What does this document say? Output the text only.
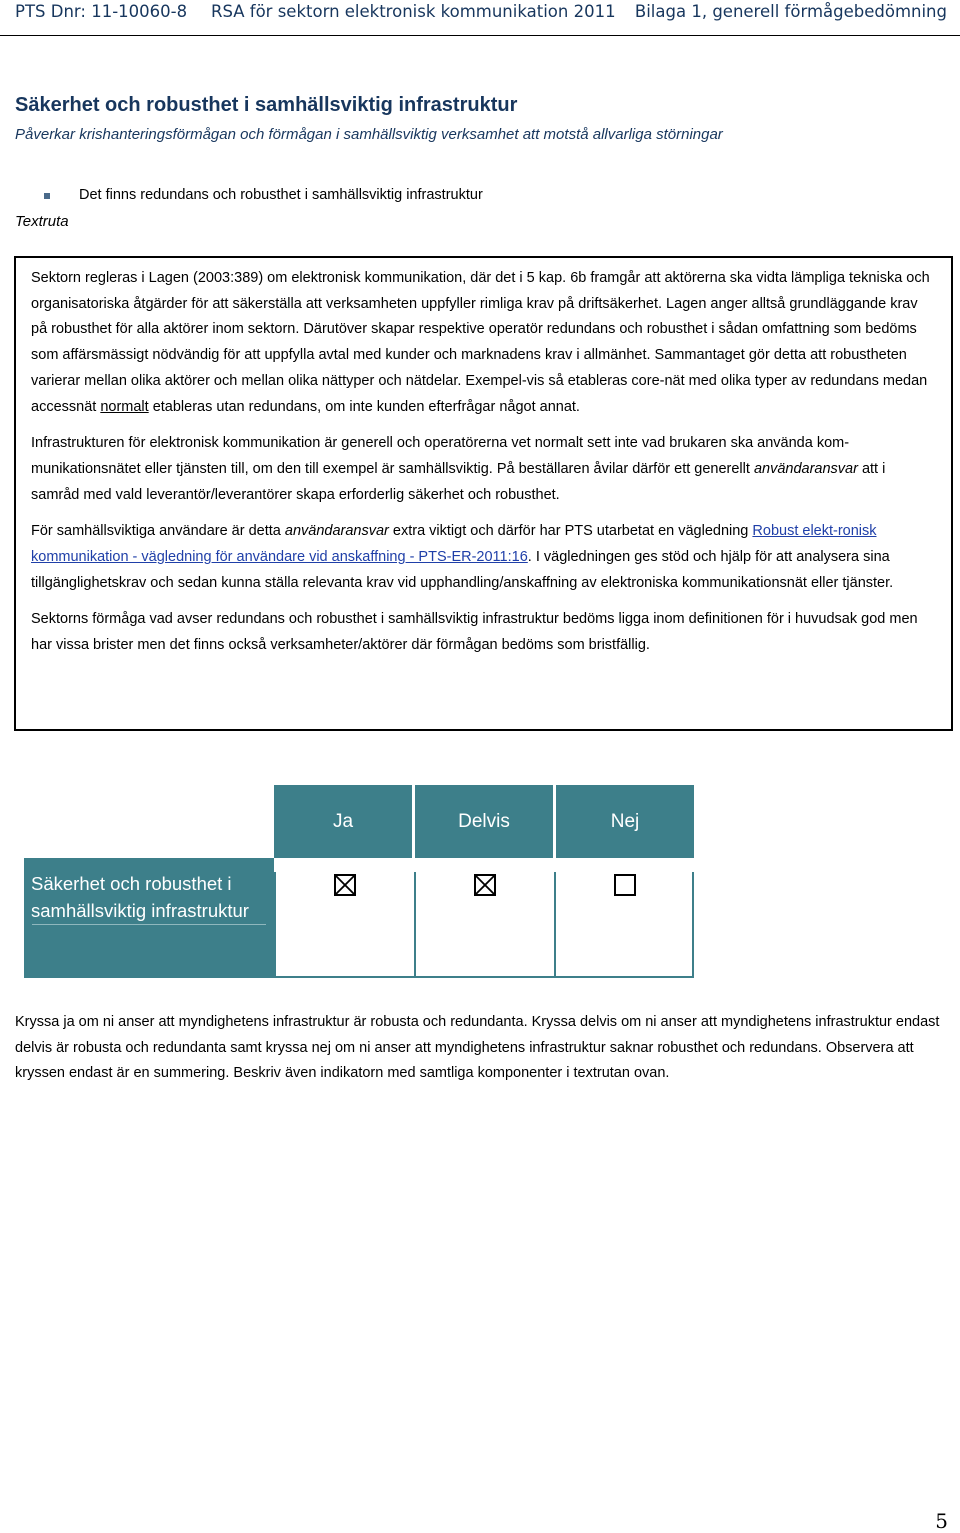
PTS Dnr: 11-10060-8 RSA för sektorn elektronisk kommunikation 2011 Bilaga 1, generell förmågebedömning
Säkerhet och robusthet i samhällsviktig infrastruktur
Påverkar krishanteringsförmågan och förmågan i samhällsviktig verksamhet att motstå allvarliga störningar
Det finns redundans och robusthet i samhällsviktig infrastruktur
Textruta

Sektorn regleras i Lagen (2003:389) om elektronisk kommunikation, där det i 5 kap. 6b framgår att aktörerna ska vidta lämpliga tekniska och organisatoriska åtgärder för att säkerställa att verksamheten uppfyller rimliga krav på driftsäkerhet. Lagen anger alltså grundläggande krav på robusthet för alla aktörer inom sektorn. Därutöver skapar respektive operatör redundans och robusthet i sådan omfattning som bedöms som affärsmässigt nödvändig för att uppfylla avtal med kunder och marknadens krav i allmänhet. Sammantaget gör detta att robustheten varierar mellan olika aktörer och mellan olika nättyper och nätdelar. Exempel-vis så etableras core-nät med olika typer av redundans medan accessnät normalt etableras utan redundans, om inte kunden efterfrågar något annat.

Infrastrukturen för elektronisk kommunikation är generell och operatörerna vet normalt sett inte vad brukaren ska använda kom-munikationsnätet eller tjänsten till, om den till exempel är samhällsviktig. På beställaren åvilar därför ett generellt användaransvar att i samråd med vald leverantör/leverantörer skapa erforderlig säkerhet och robusthet.

För samhällsviktiga användare är detta användaransvar extra viktigt och därför har PTS utarbetat en vägledning Robust elekt-ronisk kommunikation - vägledning för användare vid anskaffning - PTS-ER-2011:16. I vägledningen ges stöd och hjälp för att analysera sina tillgänglighetskrav och sedan kunna ställa relevanta krav vid upphandling/anskaffning av elektroniska kommunikationsnät eller tjänster.

Sektorns förmåga vad avser redundans och robusthet i samhällsviktig infrastruktur bedöms ligga inom definitionen för i huvudsak god men har vissa brister men det finns också verksamheter/aktörer där förmågan bedöms som bristfällig.

Ja	Delvis	Nej
Säkerhet och robusthet i samhällsviktig infrastruktur
Kryssa ja om ni anser att myndighetens infrastruktur är robusta och redundanta. Kryssa delvis om ni anser att myndighetens infrastruktur endast delvis är robusta och redundanta samt kryssa nej om ni anser att myndighetens infrastruktur saknar robusthet och redundans. Observera att kryssen endast är en summering. Beskriv även indikatorn med samtliga komponenter i textrutan ovan.
5
